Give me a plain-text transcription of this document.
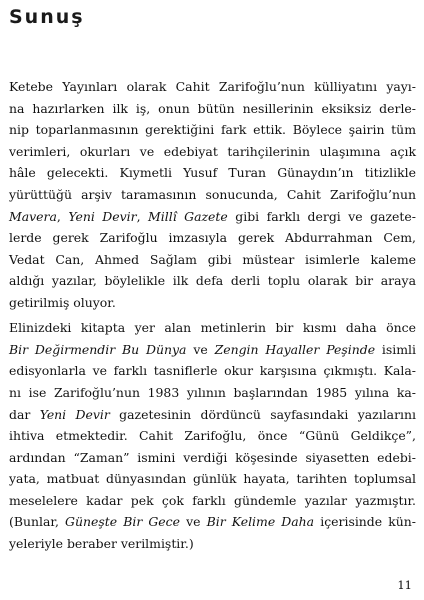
Sunuş

Ketebe Yayınları olarak Cahit Zarifoğlu’nun külliyatını yayı-
na hazırlarken ilk iş, onun bütün nesillerinin eksiksiz derle-
nip toparlanmasının gerektiğini fark ettik. Böylece şairin tüm
verimleri, okurları ve edebiyat tarihçilerinin ulaşımına açık
hâle gelecekti. Kıymetli Yusuf Turan Günaydın’ın titizlikle
yürüttüğü arşiv taramasının sonucunda, Cahit Zarifoğlu’nun
Mavera, Yeni Devir, Millî Gazete gibi farklı dergi ve gazete-
lerde gerek Zarifoğlu imzasıyla gerek Abdurrahman Cem,
Vedat Can, Ahmed Sağlam gibi müstear isimlerle kaleme
aldığı yazılar, böylelikle ilk defa derli toplu olarak bir araya
getirilmiş oluyor.

Elinizdeki kitapta yer alan metinlerin bir kısmı daha önce
Bir Değirmendir Bu Dünya ve Zengin Hayaller Peşinde isimli
edisyonlarla ve farklı tasniflerle okur karşısına çıkmıştı. Kala-
nı ise Zarifoğlu’nun 1983 yılının başlarından 1985 yılına ka-
dar Yeni Devir gazetesinin dördüncü sayfasındaki yazılarını
ihtiva etmektedir. Cahit Zarifoğlu, önce “Günü Geldikçe”,
ardından “Zaman” ismini verdiği köşesinde siyasetten edebi-
yata, matbuat dünyasından günlük hayata, tarihten toplumsal
meselelere kadar pek çok farklı gündemle yazılar yazmıştır.
(Bunlar, Güneşte Bir Gece ve Bir Kelime Daha içerisinde kün-
yeleriyle beraber verilmiştir.)

11
